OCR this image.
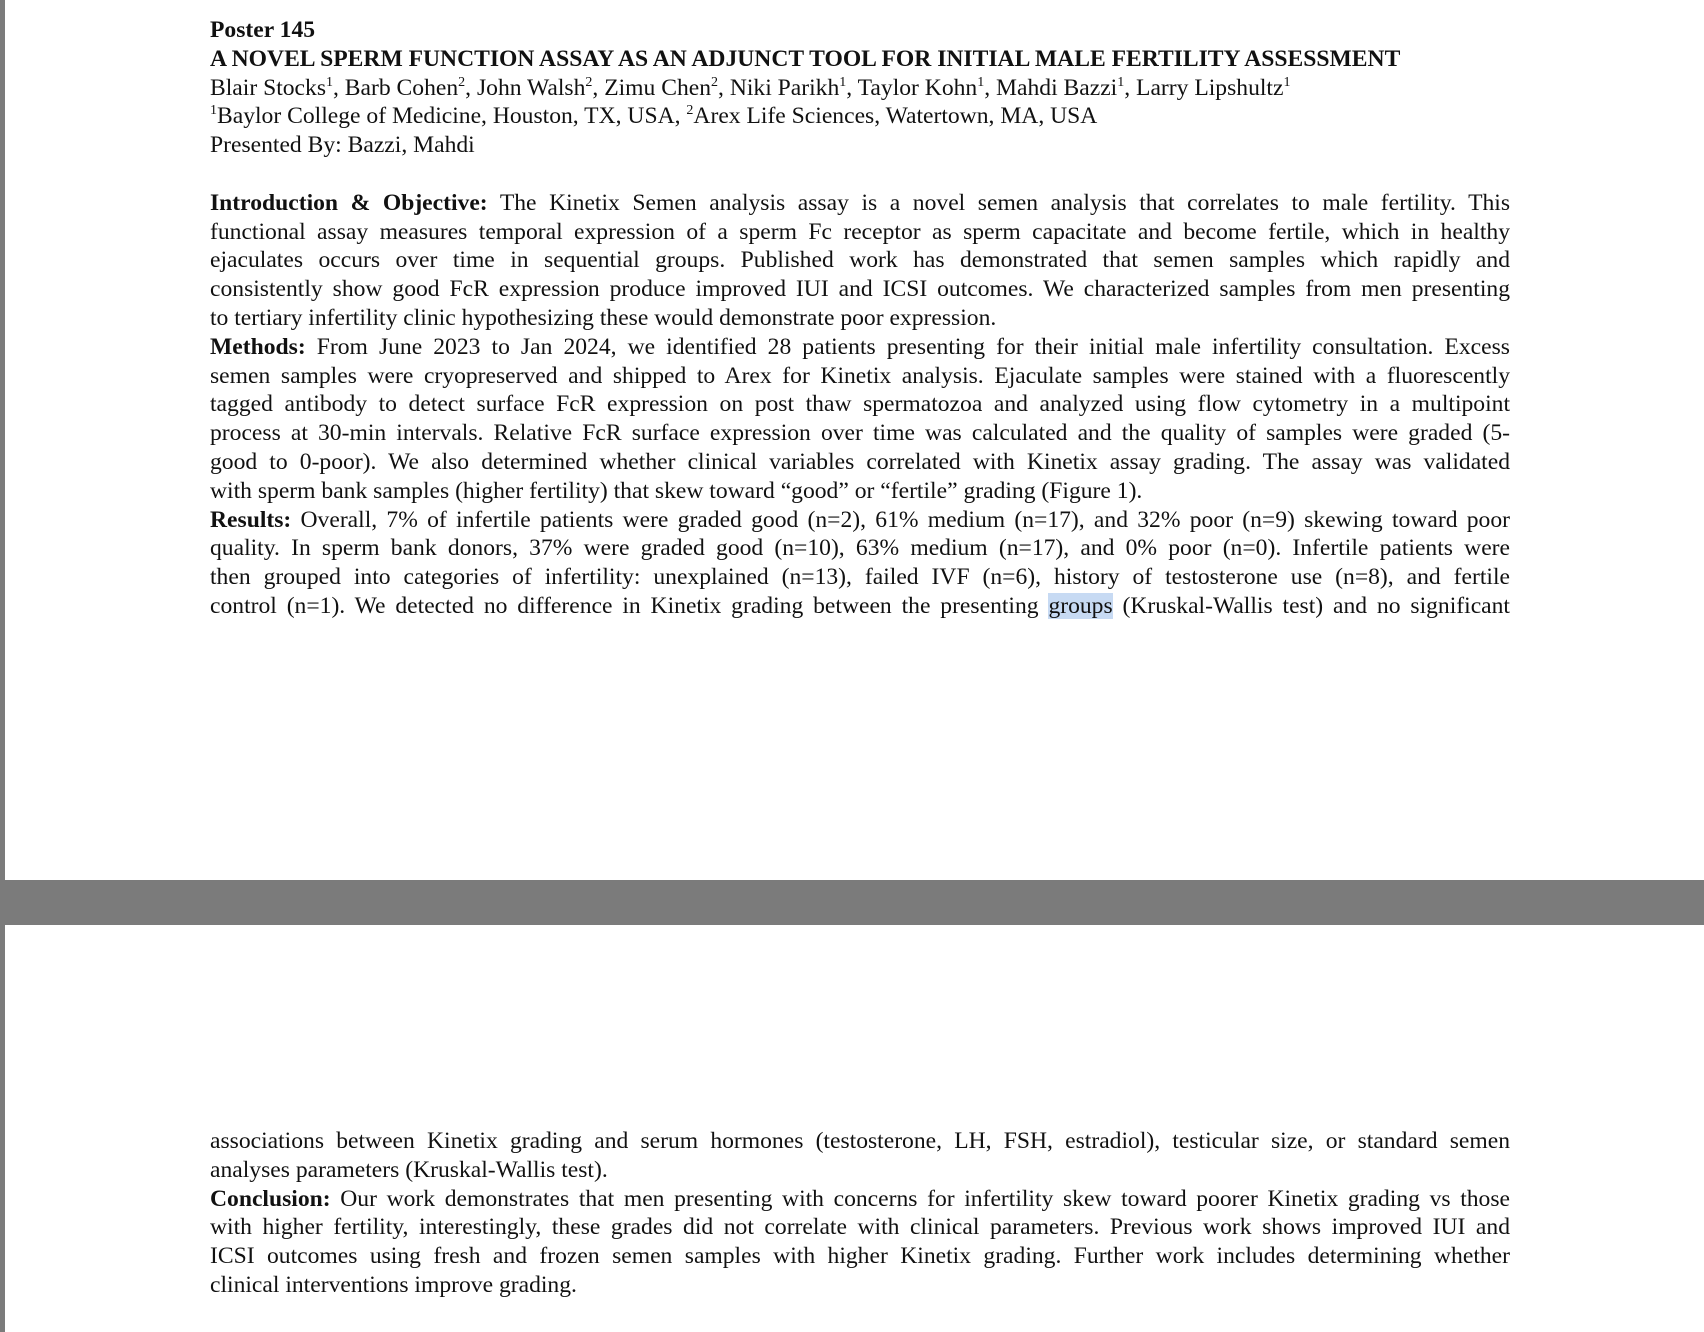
Poster 145
A NOVEL SPERM FUNCTION ASSAY AS AN ADJUNCT TOOL FOR INITIAL MALE FERTILITY ASSESSMENT
Blair Stocks$^1$, Barb Cohen$^2$, John Walsh$^2$, Zimu Chen$^2$, Niki Parikh$^1$, Taylor Kohn$^1$, Mahdi Bazzi$^1$, Larry Lipshultz$^1$
$^1$Baylor College of Medicine, Houston, TX, USA, $^2$Arex Life Sciences, Watertown, MA, USA
Presented By: Bazzi, Mahdi
Introduction & Objective: The Kinetix Semen analysis assay is a novel semen analysis that correlates to male fertility. This
functional assay measures temporal expression of a sperm Fc receptor as sperm capacitate and become fertile, which in healthy
ejaculates occurs over time in sequential groups. Published work has demonstrated that semen samples which rapidly and
consistently show good FcR expression produce improved IUI and ICSI outcomes. We characterized samples from men presenting
to tertiary infertility clinic hypothesizing these would demonstrate poor expression.
Methods: From June 2023 to Jan 2024, we identified 28 patients presenting for their initial male infertility consultation. Excess
semen samples were cryopreserved and shipped to Arex for Kinetix analysis. Ejaculate samples were stained with a fluorescently
tagged antibody to detect surface FcR expression on post thaw spermatozoa and analyzed using flow cytometry in a multipoint
process at 30-min intervals. Relative FcR surface expression over time was calculated and the quality of samples were graded (5-
good to 0-poor). We also determined whether clinical variables correlated with Kinetix assay grading. The assay was validated
with sperm bank samples (higher fertility) that skew toward “good” or “fertile” grading (Figure 1).
Results: Overall, 7% of infertile patients were graded good (n=2), 61% medium (n=17), and 32% poor (n=9) skewing toward poor
quality. In sperm bank donors, 37% were graded good (n=10), 63% medium (n=17), and 0% poor (n=0). Infertile patients were
then grouped into categories of infertility: unexplained (n=13), failed IVF (n=6), history of testosterone use (n=8), and fertile
control (n=1). We detected no difference in Kinetix grading between the presenting groups (Kruskal-Wallis test) and no significant
associations between Kinetix grading and serum hormones (testosterone, LH, FSH, estradiol), testicular size, or standard semen
analyses parameters (Kruskal-Wallis test).
Conclusion: Our work demonstrates that men presenting with concerns for infertility skew toward poorer Kinetix grading vs those
with higher fertility, interestingly, these grades did not correlate with clinical parameters. Previous work shows improved IUI and
ICSI outcomes using fresh and frozen semen samples with higher Kinetix grading. Further work includes determining whether
clinical interventions improve grading.
